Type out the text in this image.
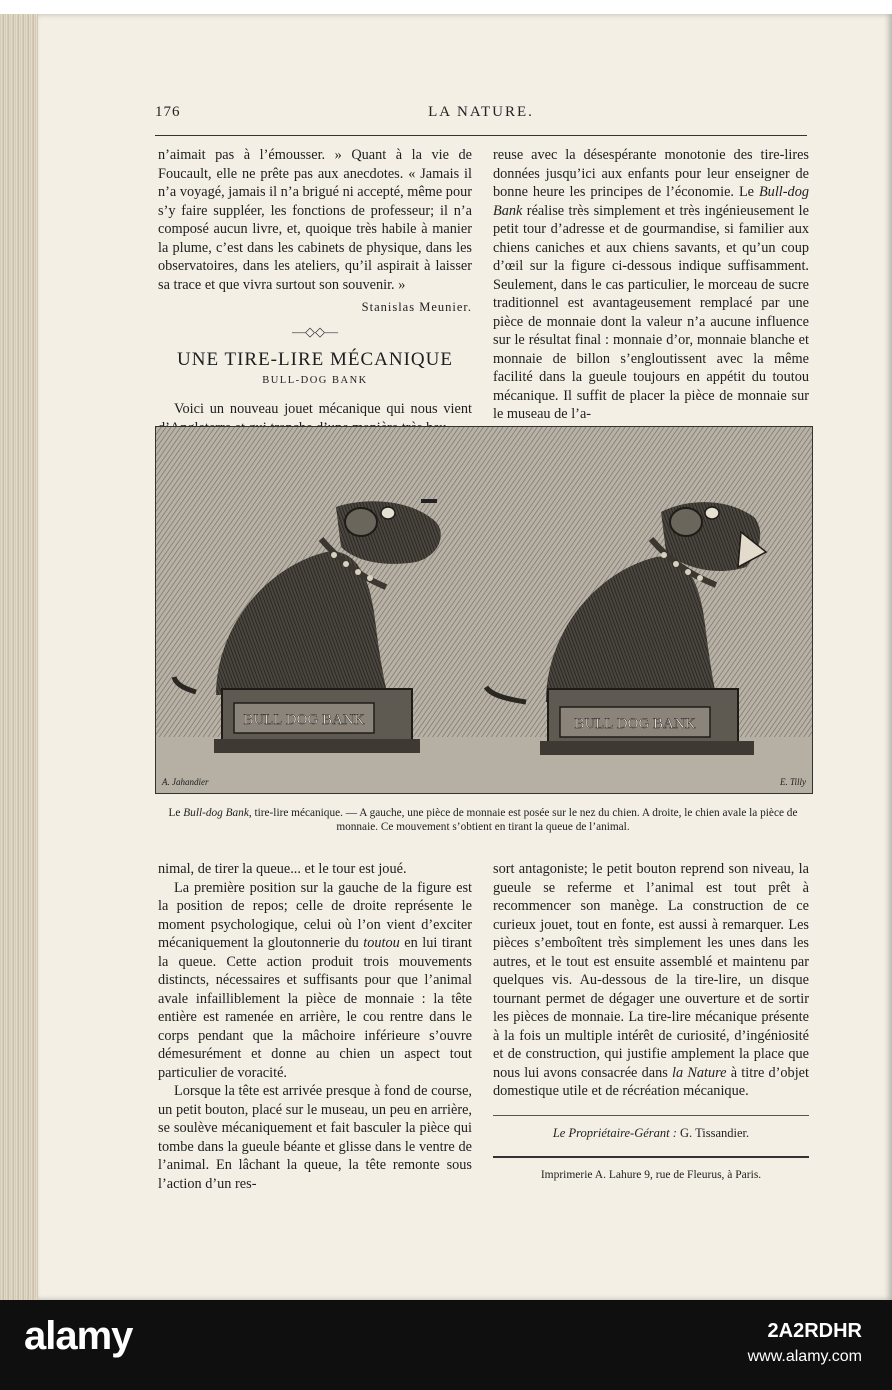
LA NATURE.
176

n’aimait pas à l’émousser. » Quant à la vie de Foucault, elle ne prête pas aux anecdotes. « Jamais il n’a voyagé, jamais il n’a brigué ni accepté, même pour s’y faire suppléer, les fonctions de professeur; il n’a composé aucun livre, et, quoique très habile à manier la plume, c’est dans les cabinets de physique, dans les observatoires, dans les ateliers, qu’il aspirait à laisser sa trace et que vivra surtout son souvenir. »

Stanislas Meunier.

—◇◇—

UNE TIRE-LIRE MÉCANIQUE

BULL-DOG BANK

Voici un nouveau jouet mécanique qui nous vient

reuse avec la désespérante monotonie des tire-lires données jusqu’ici aux enfants pour leur enseigner de bonne heure les principes de l’économie. Le Bull-dog Bank réalise très simplement et très ingénieusement le petit tour d’adresse et de gourmandise, si familier aux chiens caniches et aux chiens savants, et qu’un coup d’œil sur la figure ci-dessous indique suffisamment. Seulement, dans le cas particulier, le morceau de sucre traditionnel est avantageusement remplacé par une pièce de monnaie dont la valeur n’a aucune influence sur le résultat final : monnaie d’or, monnaie blanche et monnaie de billon s’engloutissent avec la même facilité dans la gueule toujours en appétit du toutou mécanique. Il suffit de placer la pièce de monnaie sur le museau de l’a-

BULL DOG BANK	BULL DOG BANK
A. Jahandier	E. Tilly

Le Bull-dog Bank, tire-lire mécanique. — A gauche, une pièce de monnaie est posée sur le nez du chien. A droite, le chien avale la pièce de monnaie. Ce mouvement s’obtient en tirant la queue de l’animal.

nimal, de tirer la queue... et le tour est joué.

La première position sur la gauche de la figure est la position de repos; celle de droite représente le moment psychologique, celui où l’on vient d’exciter mécaniquement la gloutonnerie du toutou en lui tirant la queue. Cette action produit trois mouvements distincts, nécessaires et suffisants pour que l’animal avale infailliblement la pièce de monnaie : la tête entière est ramenée en arrière, le cou rentre dans le corps pendant que la mâchoire inférieure s’ouvre démesurément et donne au chien un aspect tout particulier de voracité.

Lorsque la tête est arrivée presque à fond de course, un petit bouton, placé sur le museau, un peu en arrière, se soulève mécaniquement et fait basculer la pièce qui tombe dans la gueule béante et glisse dans le ventre de l’animal. En lâchant la queue, la tête remonte sous l’action d’un res-

sort antagoniste; le petit bouton reprend son niveau, la gueule se referme et l’animal est tout prêt à recommencer son manège. La construction de ce curieux jouet, tout en fonte, est aussi à remarquer. Les pièces s’emboîtent très simplement les unes dans les autres, et le tout est ensuite assemblé et maintenu par quelques vis. Au-dessous de la tire-lire, un disque tournant permet de dégager une ouverture et de sortir les pièces de monnaie. La tire-lire mécanique présente à la fois un multiple intérêt de curiosité, d’ingéniosité et de construction, qui justifie amplement la place que nous lui avons consacrée dans la Nature à titre d’objet domestique utile et de récréation mécanique.

Le Propriétaire-Gérant : G. Tissandier.

Imprimerie A. Lahure 9, rue de Fleurus, à Paris.

alamy	2A2RDHR
www.alamy.com
